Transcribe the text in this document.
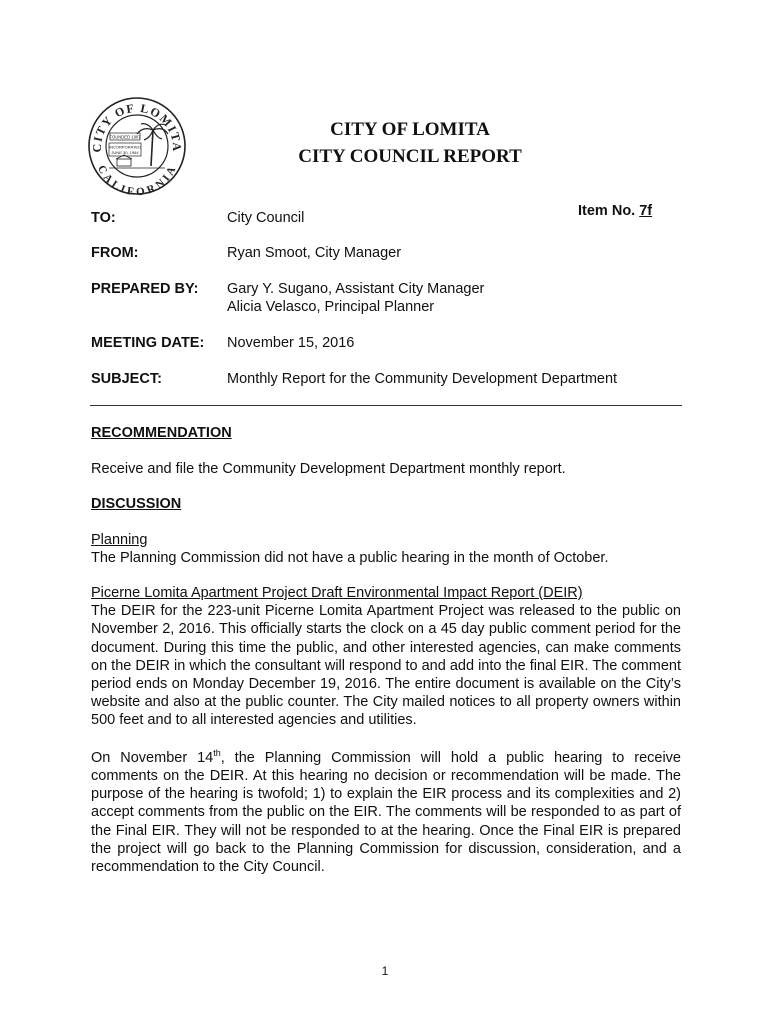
CITY OF LOMITA
CALIFORNIA
FOUNDED 1907
INCORPORATED
JUNE 30, 1964
CITY OF LOMITA
CITY COUNCIL REPORT
TO:	City Council	Item No. 7f
FROM:	Ryan Smoot, City Manager
PREPARED BY: Gary Y. Sugano, Assistant City Manager
Alicia Velasco, Principal Planner
MEETING DATE: November 15, 2016
SUBJECT:	Monthly Report for the Community Development Department
RECOMMENDATION
Receive and file the Community Development Department monthly report.
DISCUSSION
Planning
The Planning Commission did not have a public hearing in the month of October.
Picerne Lomita Apartment Project Draft Environmental Impact Report (DEIR)
The DEIR for the 223-unit Picerne Lomita Apartment Project was released to the public on November 2, 2016. This officially starts the clock on a 45 day public comment period for the document. During this time the public, and other interested agencies, can make comments on the DEIR in which the consultant will respond to and add into the final EIR. The comment period ends on Monday December 19, 2016. The entire document is available on the City’s website and also at the public counter. The City mailed notices to all property owners within 500 feet and to all interested agencies and utilities.
On November 14th, the Planning Commission will hold a public hearing to receive comments on the DEIR. At this hearing no decision or recommendation will be made. The purpose of the hearing is twofold; 1) to explain the EIR process and its complexities and 2) accept comments from the public on the EIR. The comments will be responded to as part of the Final EIR. They will not be responded to at the hearing. Once the Final EIR is prepared the project will go back to the Planning Commission for discussion, consideration, and a recommendation to the City Council.
1
